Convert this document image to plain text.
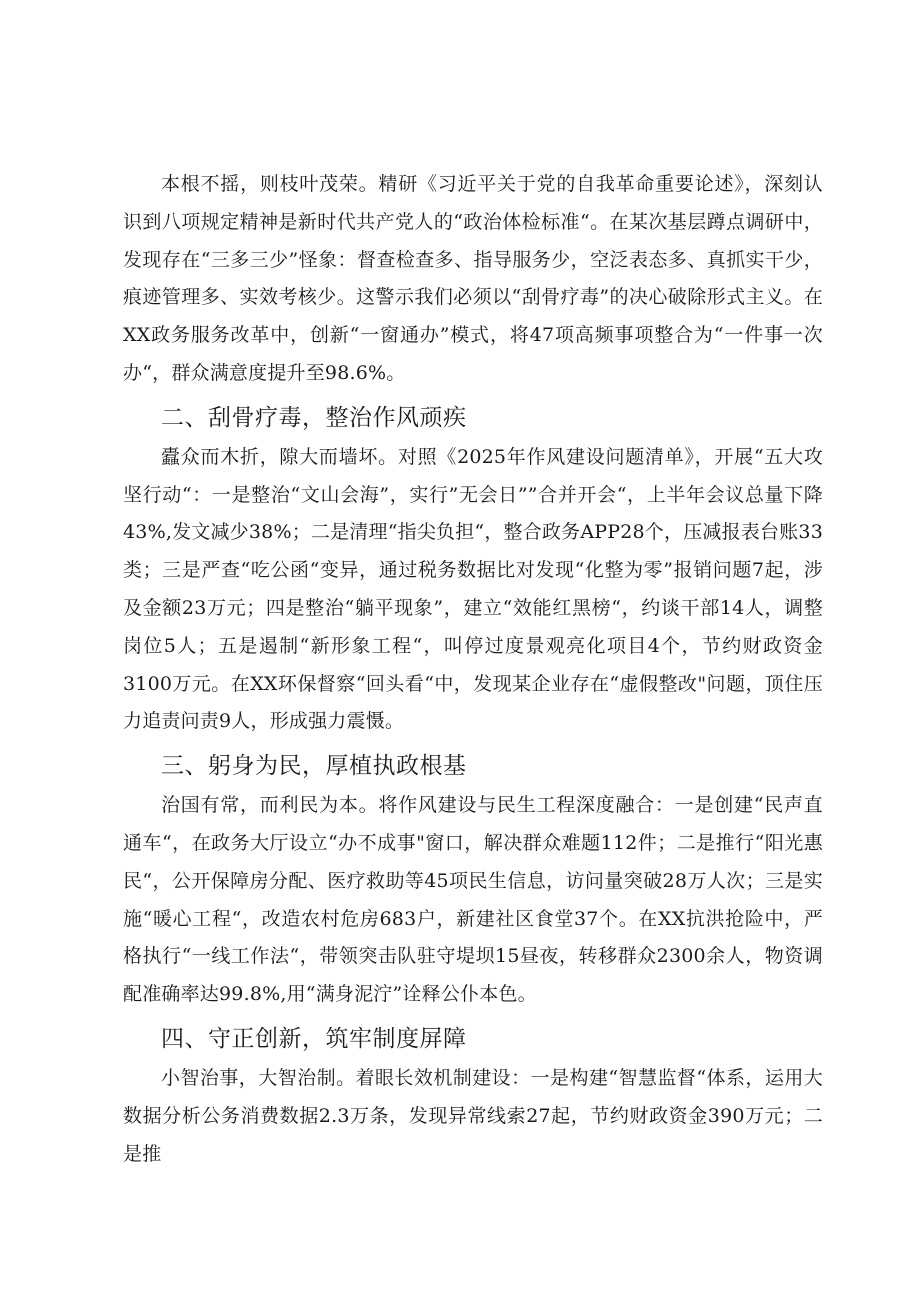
本根不摇，则枝叶茂荣。精研《习近平关于党的自我革命重要论述》，深刻认识到八项规定精神是新时代共产党人的“政治体检标准“。在某次基层蹲点调研中，发现存在“三多三少”怪象：督查检查多、指导服务少，空泛表态多、真抓实干少，痕迹管理多、实效考核少。这警示我们必须以“刮骨疗毒”的决心破除形式主义。在XX政务服务改革中，创新“一窗通办”模式，将47项高频事项整合为“一件事一次办“，群众满意度提升至98.6%。

二、刮骨疗毒，整治作风顽疾

蠹众而木折，隙大而墙坏。对照《2025年作风建设问题清单》，开展“五大攻坚行动“：一是整治“文山会海”，实行”无会日””合并开会“，上半年会议总量下降43%,发文减少38%；二是清理“指尖负担“，整合政务APP28个，压减报表台账33类；三是严查“吃公函“变异，通过税务数据比对发现“化整为零”报销问题7起，涉及金额23万元；四是整治“躺平现象”，建立“效能红黑榜“，约谈干部14人，调整岗位5人；五是遏制“新形象工程“，叫停过度景观亮化项目4个，节约财政资金3100万元。在XX环保督察“回头看“中，发现某企业存在“虚假整改"问题，顶住压力追责问责9人，形成强力震慑。

三、躬身为民，厚植执政根基

治国有常，而利民为本。将作风建设与民生工程深度融合：一是创建“民声直通车“，在政务大厅设立“办不成事"窗口，解决群众难题112件；二是推行“阳光惠民“，公开保障房分配、医疗救助等45项民生信息，访问量突破28万人次；三是实施“暖心工程“，改造农村危房683户，新建社区食堂37个。在XX抗洪抢险中，严格执行“一线工作法“，带领突击队驻守堤坝15昼夜，转移群众2300余人，物资调配准确率达99.8%,用“满身泥泞”诠释公仆本色。

四、守正创新，筑牢制度屏障

小智治事，大智治制。着眼长效机制建设：一是构建“智慧监督“体系，运用大数据分析公务消费数据2.3万条，发现异常线索27起，节约财政资金390万元；二是推
